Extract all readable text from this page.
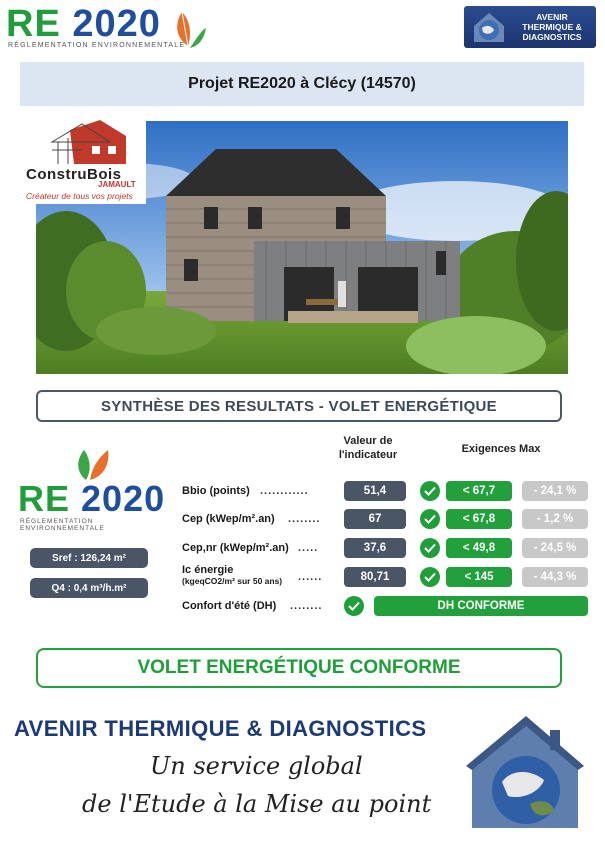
RE 2020
RÉGLEMENTATION ENVIRONNEMENTALE
AVENIR THERMIQUE & DIAGNOSTICS
Projet RE2020 à Clécy (14570)
ConstruBois
JAMAULT
Créateur de tous vos projets
SYNTHÈSE DES RESULTATS - VOLET ENERGÉTIQUE
Valeur de l'indicateur	Exigences Max
RE 2020
RÉGLEMENTATION ENVIRONNEMENTALE
Sref : 126,24 m²
Q4 : 0,4 m³/h.m²
Bbio (points) ............	51,4	< 67,7	- 24,1 %
Cep (kWep/m².an) ........	67	< 67,8	- 1,2 %
Cep,nr (kWep/m².an) .....	37,6	< 49,8	- 24,5 %
Ic énergie
(kgeqCO2/m² sur 50 ans) ......	80,71	< 145	- 44,3 %
Confort d'été (DH) ........	DH CONFORME
VOLET ENERGÉTIQUE CONFORME
AVENIR THERMIQUE & DIAGNOSTICS
Un service global
de l'Etude à la Mise au point
